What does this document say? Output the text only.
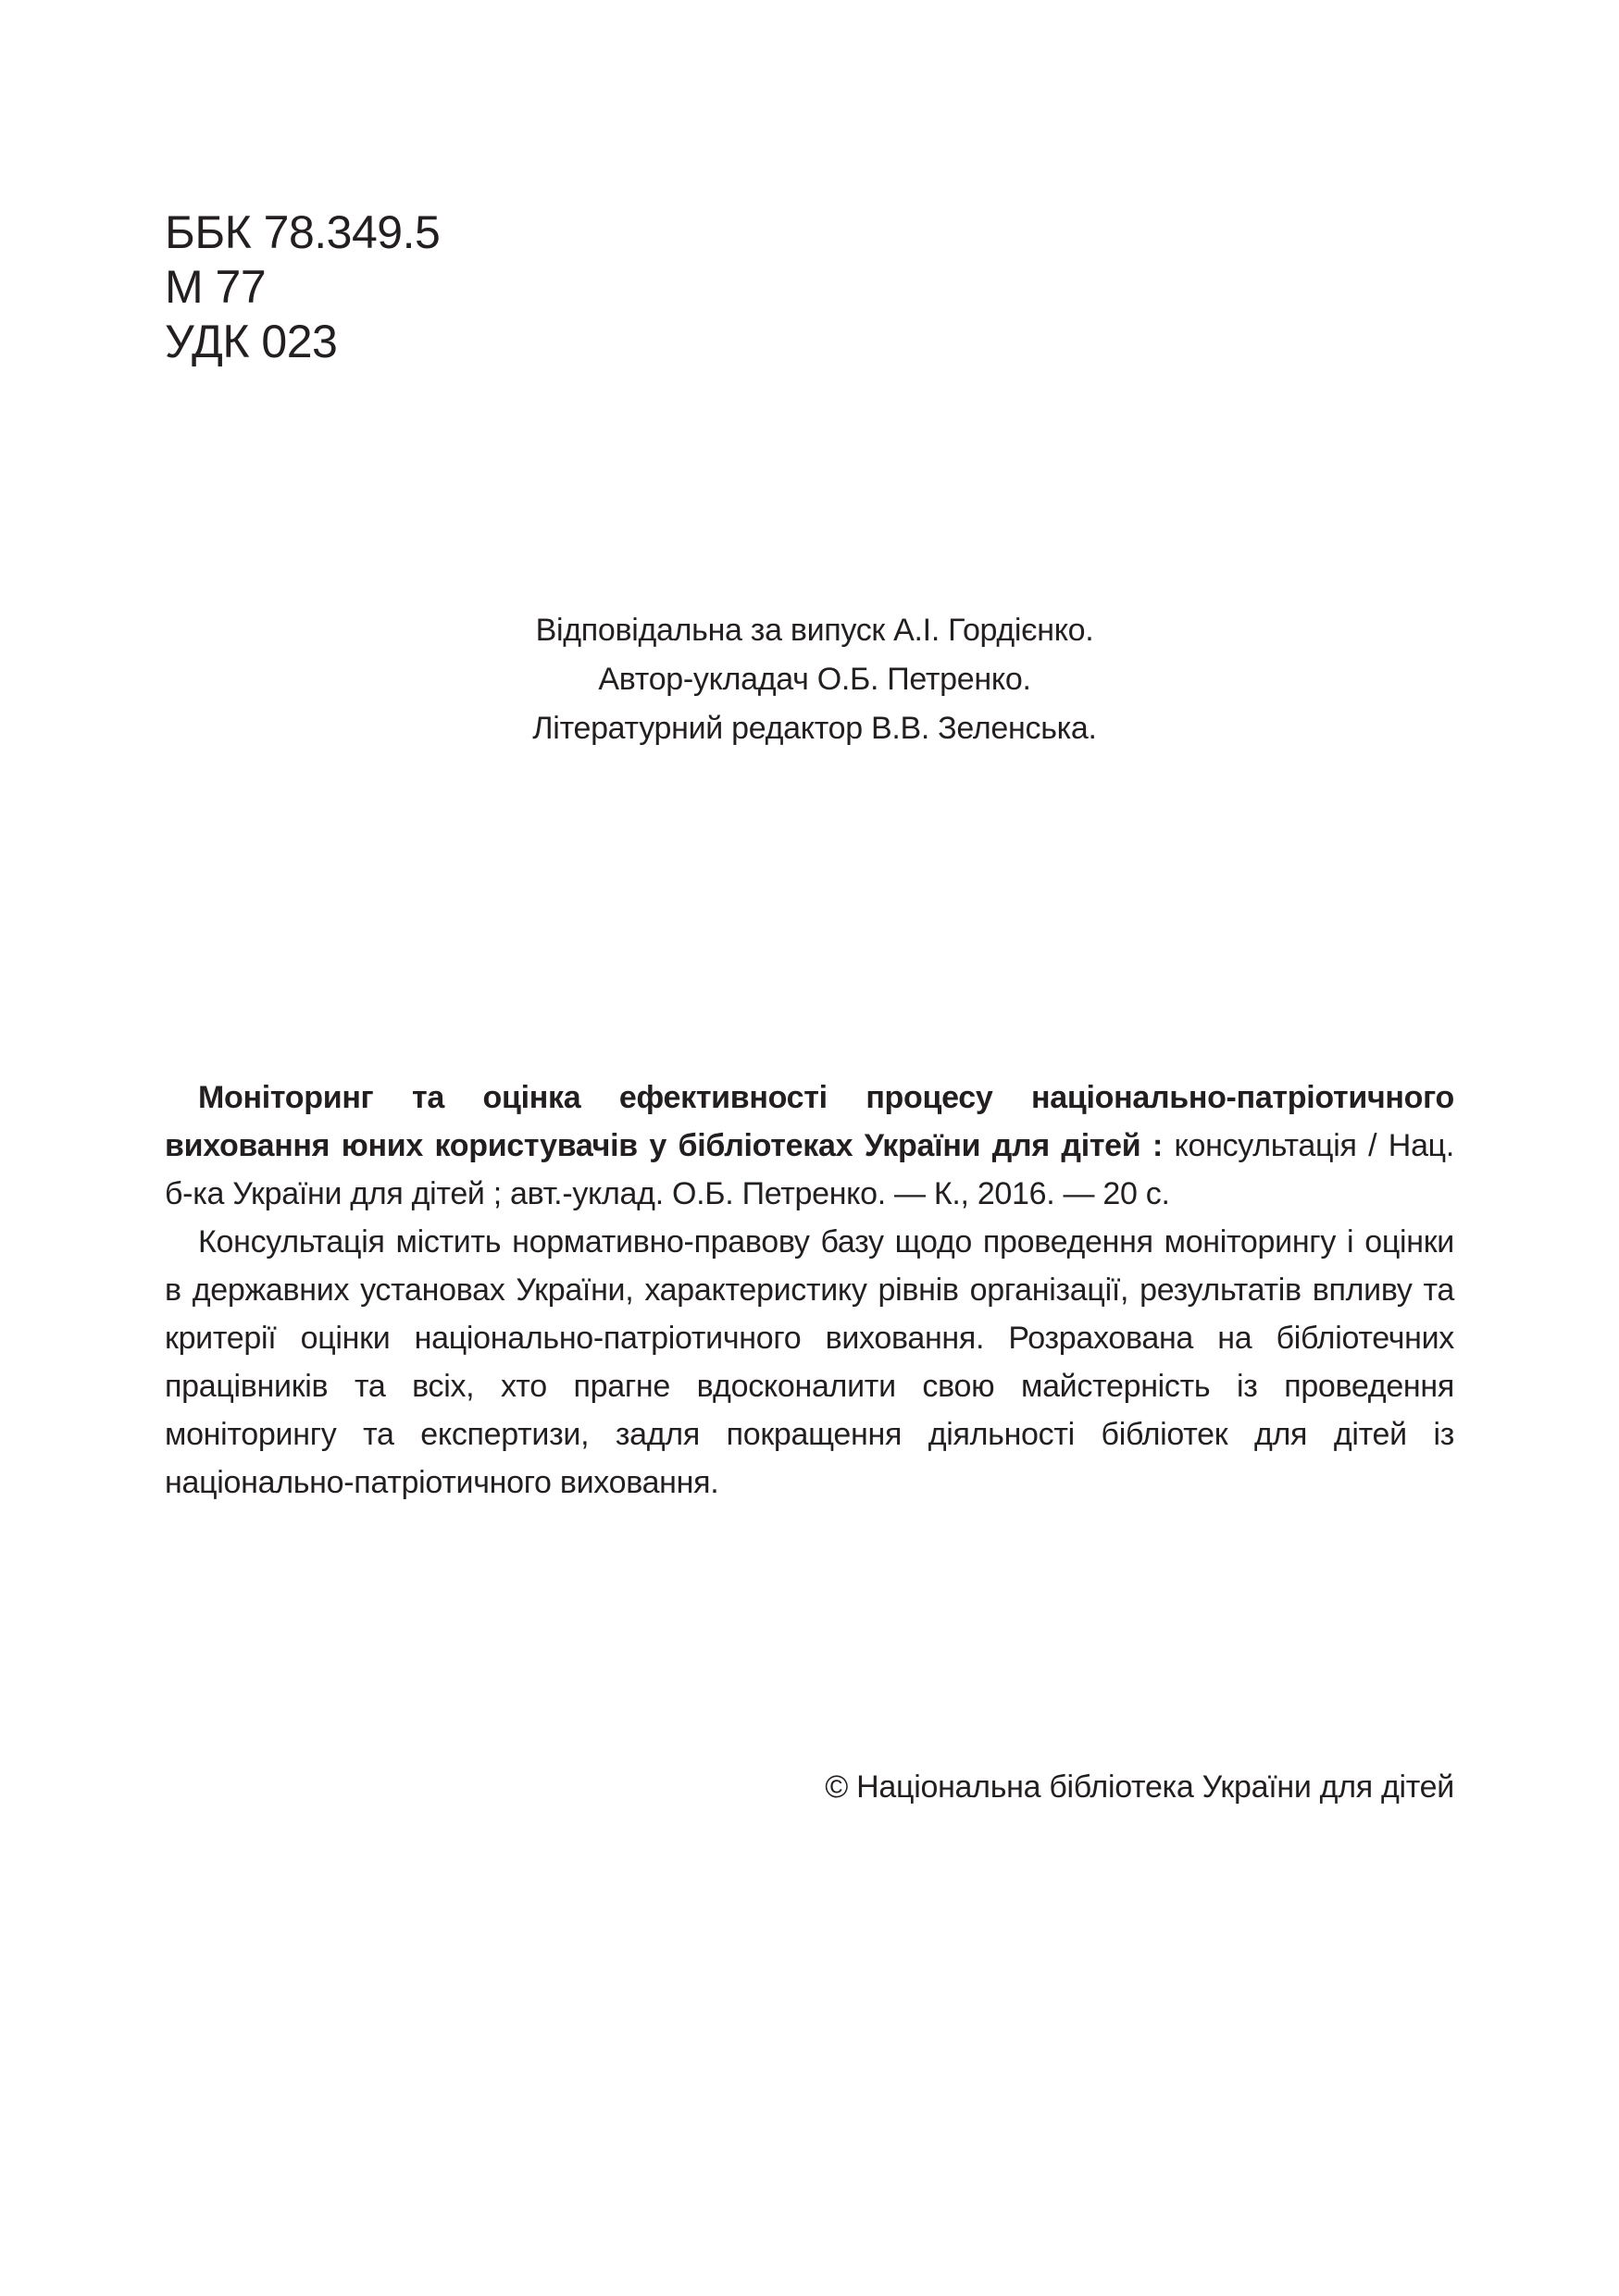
ББК 78.349.5
М 77
УДК 023
Відповідальна за випуск А.І. Гордієнко.
Автор-укладач О.Б. Петренко.
Літературний редактор В.В. Зеленська.

Моніторинг та оцінка ефективності процесу національно-патріотичного виховання юних користувачів у бібліотеках України для дітей : консультація / Нац. б-ка України для дітей ; авт.-уклад. О.Б. Петренко. — К., 2016. — 20 с.

Консультація містить нормативно-правову базу щодо проведення моніторингу і оцінки в державних установах України, характеристику рівнів організації, результатів впливу та критерії оцінки національно-патріотичного виховання. Розрахована на бібліотечних працівників та всіх, хто прагне вдосконалити свою майстерність із проведення моніторингу та експертизи, задля покращення діяльності бібліотек для дітей із національно-патріотичного виховання.

© Національна бібліотека України для дітей
